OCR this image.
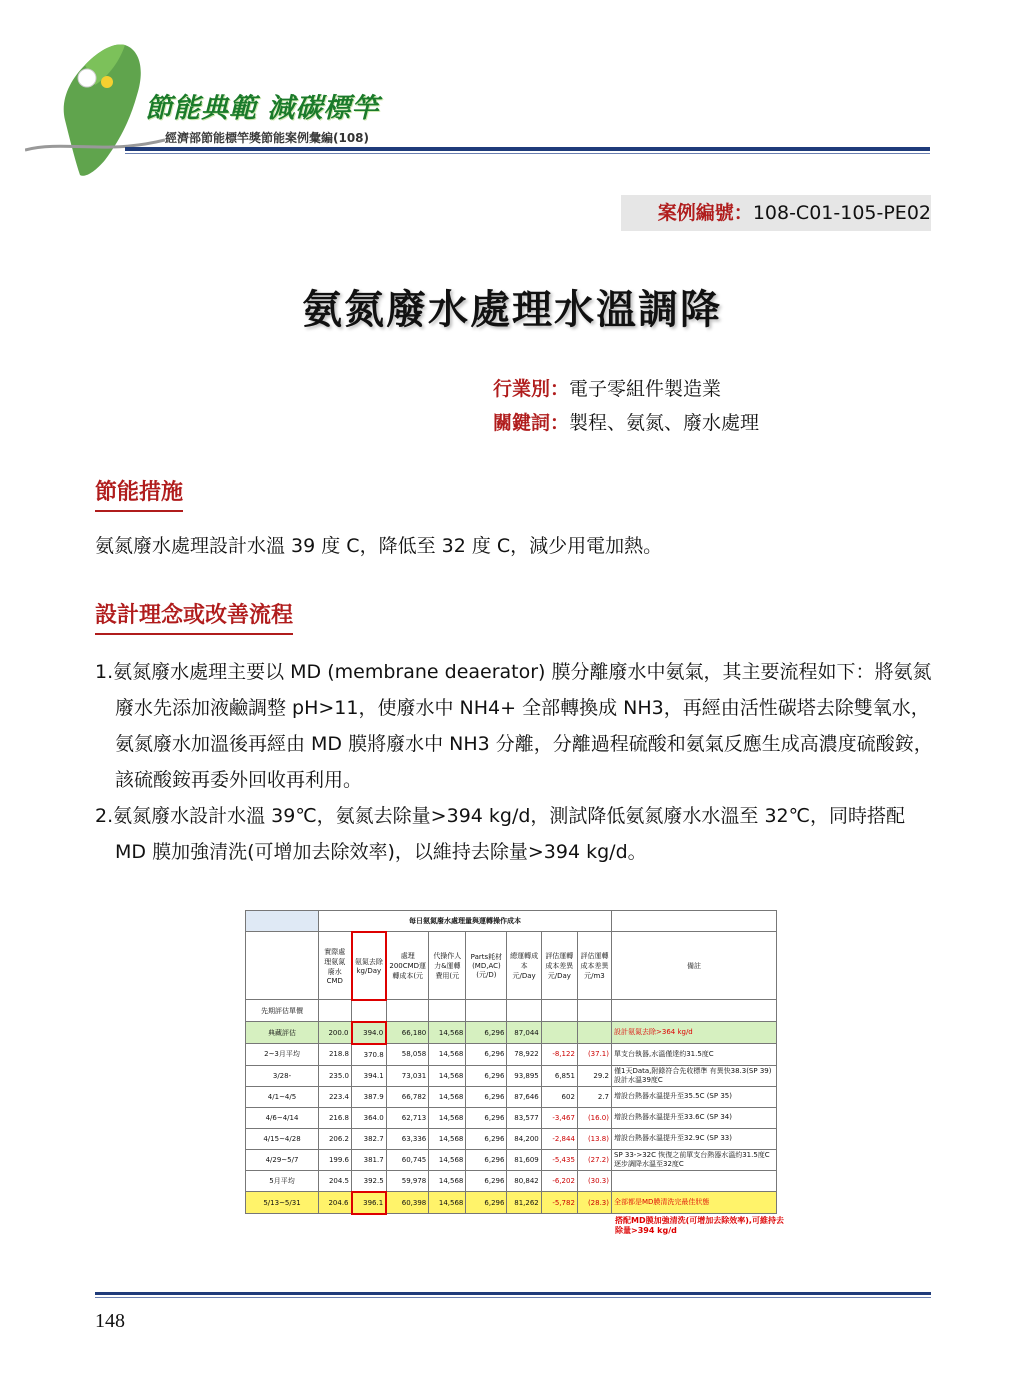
節能典範 減碳標竿
經濟部節能標竿獎節能案例彙編(108)
案例編號：108-C01-105-PE02
氨氮廢水處理水溫調降
行業別：電子零組件製造業
關鍵詞：製程、氨氮、廢水處理
節能措施
氨氮廢水處理設計水溫 39 度 C，降低至 32 度 C，減少用電加熱。
設計理念或改善流程
1.氨氮廢水處理主要以 MD (membrane deaerator) 膜分離廢水中氨氣，其主要流程如下：將氨氮廢水先添加液鹼調整 pH>11，使廢水中 NH4+ 全部轉換成 NH3，再經由活性碳塔去除雙氧水，氨氮廢水加溫後再經由 MD 膜將廢水中 NH3 分離，分離過程硫酸和氨氣反應生成高濃度硫酸銨，該硫酸銨再委外回收再利用。
2.氨氮廢水設計水溫 39℃，氨氮去除量>394 kg/d，測試降低氨氮廢水水溫至 32℃，同時搭配 MD 膜加強清洗(可增加去除效率)，以維持去除量>394 kg/d。
	每日氨氮廢水處理量與運轉操作成本								
	實際處理氨氮廢水CMD	氨氮去除kg/Day	處理200CMD運轉成本(元	代操作人力&運轉費用(元	Parts耗材(MD,AC)(元/D)	總運轉成本元/Day	評估運轉成本差異元/Day	評估運轉成本差異元/m3	備註
先期評估單價									
典藏評估	200.0	394.0	66,180	14,568	6,296	87,044			設計氨氮去除>364 kg/d
2~3月平均	218.8	370.8	58,058	14,568	6,296	78,922	-8,122	(37.1)	單支台執器,水溫僅達約31.5度C
3/28-	235.0	394.1	73,031	14,568	6,296	93,895	6,851	29.2	僅1天Data,附錄符合先收標準 有異快38.3(SP 39) 設計水溫39度C
4/1~4/5	223.4	387.9	66,782	14,568	6,296	87,646	602	2.7	增設台熱器水溫提升至35.5C (SP 35)
4/6~4/14	216.8	364.0	62,713	14,568	6,296	83,577	-3,467	(16.0)	增設台熱器水溫提升至33.6C (SP 34)
4/15~4/28	206.2	382.7	63,336	14,568	6,296	84,200	-2,844	(13.8)	增設台熱器水溫提升至32.9C (SP 33)
4/29~5/7	199.6	381.7	60,745	14,568	6,296	81,609	-5,435	(27.2)	SP 33->32C 恢復之前單支台熱器水溫約31.5度C 逐步調降水溫至32度C
5月平均	204.5	392.5	59,978	14,568	6,296	80,842	-6,202	(30.3)	
5/13~5/31	204.6	396.1	60,398	14,568	6,296	81,262	-5,782	(28.3)	全部都是MD膜清洗完最佳狀態
搭配MD膜加強清洗(可增加去除效率),可維持去除量>394 kg/d
148
